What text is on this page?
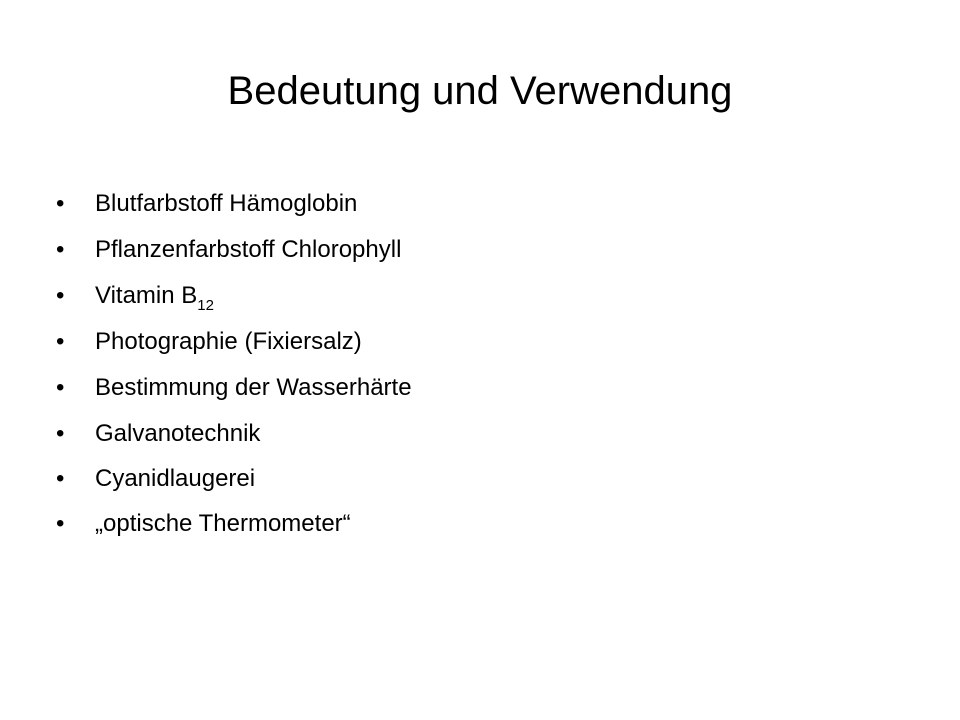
Bedeutung und Verwendung
• Blutfarbstoff Hämoglobin
• Pflanzenfarbstoff Chlorophyll
• Vitamin $B_{12}$
• Photographie (Fixiersalz)
• Bestimmung der Wasserhärte
• Galvanotechnik
• Cyanidlaugerei
• „optische Thermometer“
